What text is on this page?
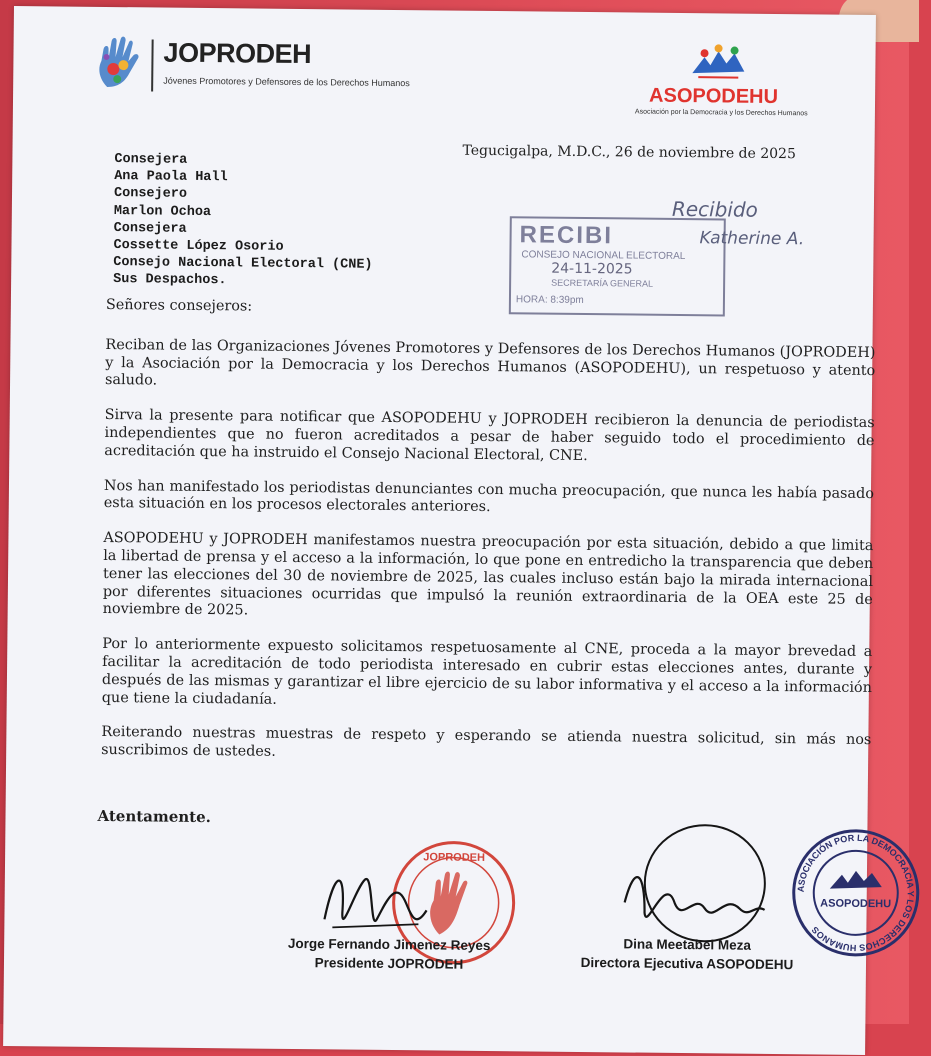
JOPRODEH
Jóvenes Promotores y Defensores de los Derechos Humanos
ASOPODEHU
Asociación por la Democracia y los Derechos Humanos
Tegucigalpa, M.D.C., 26 de noviembre de 2025
Consejera
Ana Paola Hall
Consejero
Marlon Ochoa
Consejera
Cossette López Osorio
Consejo Nacional Electoral (CNE)
Sus Despachos.
RECIBI
CONSEJO NACIONAL ELECTORAL
24-11-2025
SECRETARÍA GENERAL
HORA: 8:39pm
Recibido
Katherine A.

Señores consejeros:

Reciban de las Organizaciones Jóvenes Promotores y Defensores de los Derechos Humanos (JOPRODEH) y la Asociación por la Democracia y los Derechos Humanos (ASOPODEHU), un respetuoso y atento saludo.

Sirva la presente para notificar que ASOPODEHU y JOPRODEH recibieron la denuncia de periodistas independientes que no fueron acreditados a pesar de haber seguido todo el procedimiento de acreditación que ha instruido el Consejo Nacional Electoral, CNE.

Nos han manifestado los periodistas denunciantes con mucha preocupación, que nunca les había pasado esta situación en los procesos electorales anteriores.

ASOPODEHU y JOPRODEH manifestamos nuestra preocupación por esta situación, debido a que limita la libertad de prensa y el acceso a la información, lo que pone en entredicho la transparencia que deben tener las elecciones del 30 de noviembre de 2025, las cuales incluso están bajo la mirada internacional por diferentes situaciones ocurridas que impulsó la reunión extraordinaria de la OEA este 25 de noviembre de 2025.

Por lo anteriormente expuesto solicitamos respetuosamente al CNE, proceda a la mayor brevedad a facilitar la acreditación de todo periodista interesado en cubrir estas elecciones antes, durante y después de las mismas y garantizar el libre ejercicio de su labor informativa y el acceso a la información que tiene la ciudadanía.

Reiterando nuestras muestras de respeto y esperando se atienda nuestra solicitud, sin más nos suscribimos de ustedes.

Atentamente.
JOPRODEH
ASOCIACIÓN POR LA DEMOCRACIA Y LOS DERECHOS HUMANOS
ASOPODEHU
Jorge Fernando Jimenez Reyes
Presidente JOPRODEH
Dina Meetabel Meza
Directora Ejecutiva ASOPODEHU
